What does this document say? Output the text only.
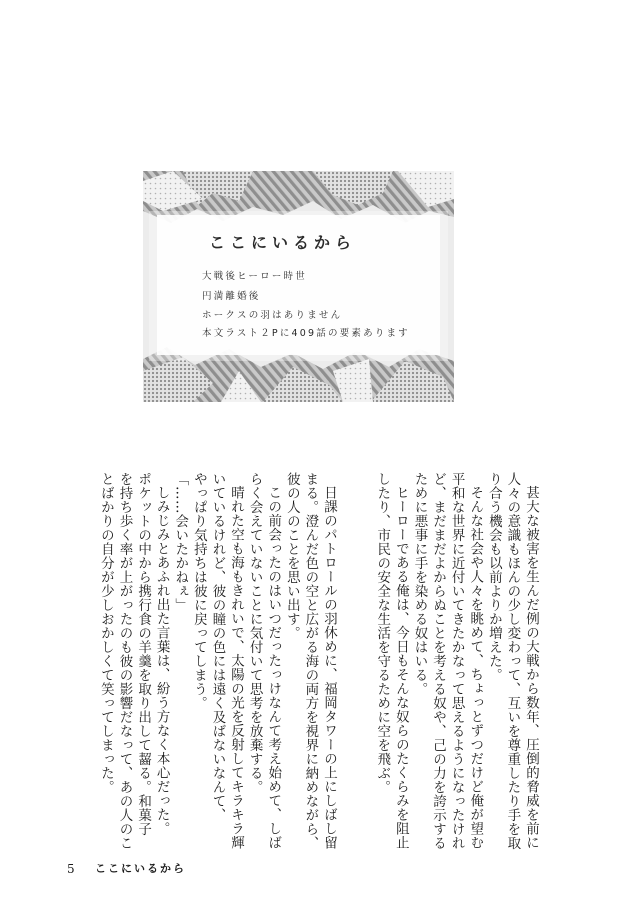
ここにいるから
大戦後ヒーロー時世
円満離婚後
ホークスの羽はありません
本文ラスト２Pに409話の要素あります

甚大な被害を生んだ例の大戦から数年、圧倒的脅威を前に

人々の意識もほんの少し変わって、互いを尊重したり手を取

り合う機会も以前よりか増えた。

そんな社会や人々を眺めて、ちょっとずつだけど俺が望む

平和な世界に近付いてきたかなって思えるようになったけれ

ど、まだまだよからぬことを考える奴や、己の力を誇示する

ために悪事に手を染める奴はいる。

ヒーローである俺は、今日もそんな奴らのたくらみを阻止

したり、市民の安全な生活を守るために空を飛ぶ。

日課のパトロールの羽休めに、福岡タワーの上にしばし留

まる。澄んだ色の空と広がる海の両方を視界に納めながら、

彼の人のことを思い出す。

この前会ったのはいつだったっけなんて考え始めて、しば

らく会えていないことに気付いて思考を放棄する。

晴れた空も海もきれいで、太陽の光を反射してキラキラ輝

いているけれど、彼の瞳の色には遠く及ばないなんて、

やっぱり気持ちは彼に戻ってしまう。

「……会いたかねぇ」

しみじみとあふれ出た言葉は、紛う方なく本心だった。

ポケットの中から携行食の羊羹を取り出して齧る。和菓子

を持ち歩く率が上がったのも彼の影響だなって、あの人のこ

とばかりの自分が少しおかしくて笑ってしまった。

5 ここにいるから
